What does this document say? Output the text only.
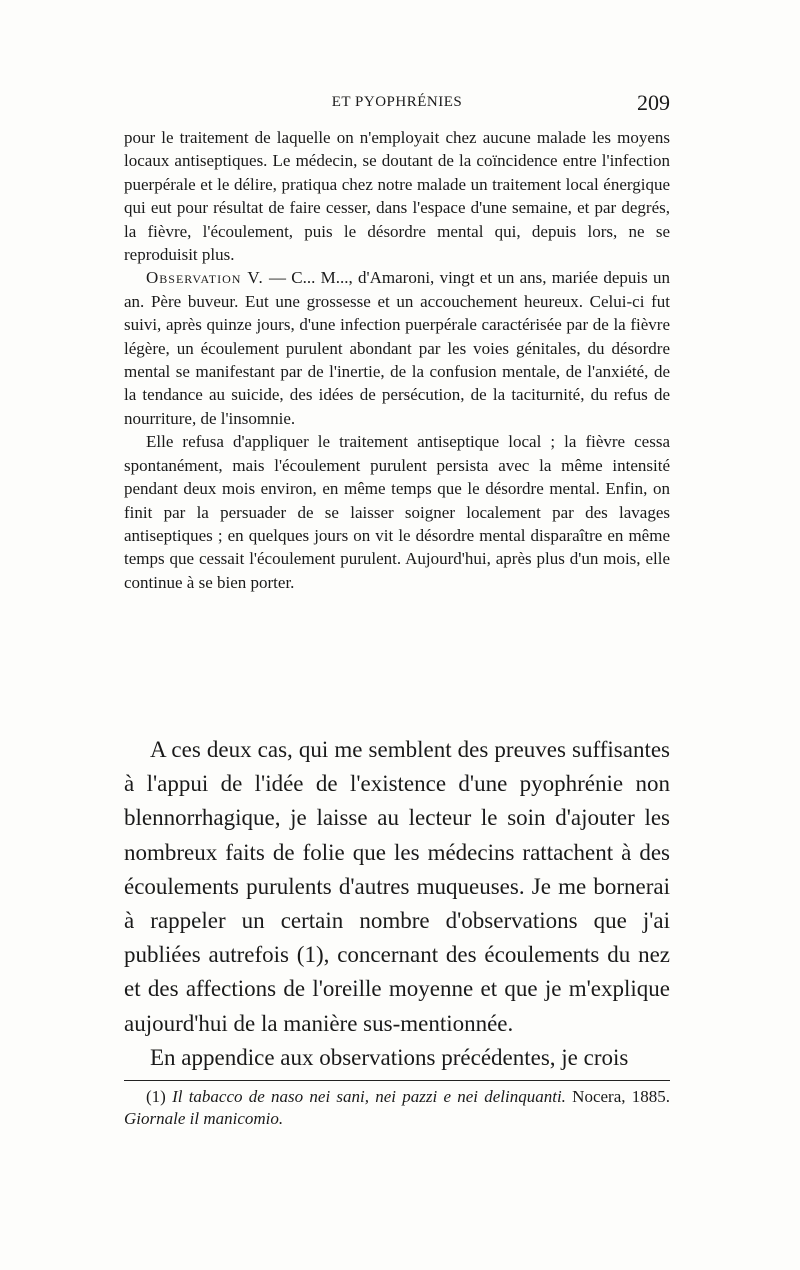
ET PYOPHRÉNIES	209

pour le traitement de laquelle on n'employait chez aucune malade les moyens locaux antiseptiques. Le médecin, se doutant de la coïncidence entre l'infection puerpérale et le délire, pratiqua chez notre malade un traitement local énergique qui eut pour résultat de faire cesser, dans l'espace d'une semaine, et par degrés, la fièvre, l'écoulement, puis le désordre mental qui, depuis lors, ne se reproduisit plus.

Observation V. — C... M..., d'Amaroni, vingt et un ans, mariée depuis un an. Père buveur. Eut une grossesse et un accouchement heureux. Celui-ci fut suivi, après quinze jours, d'une infection puerpérale caractérisée par de la fièvre légère, un écoulement purulent abondant par les voies génitales, du désordre mental se manifestant par de l'inertie, de la confusion mentale, de l'anxiété, de la tendance au suicide, des idées de persécution, de la taciturnité, du refus de nourriture, de l'insomnie.

Elle refusa d'appliquer le traitement antiseptique local ; la fièvre cessa spontanément, mais l'écoulement purulent persista avec la même intensité pendant deux mois environ, en même temps que le désordre mental. Enfin, on finit par la persuader de se laisser soigner localement par des lavages antiseptiques ; en quelques jours on vit le désordre mental disparaître en même temps que cessait l'écoulement purulent. Aujourd'hui, après plus d'un mois, elle continue à se bien porter.

A ces deux cas, qui me semblent des preuves suffisantes à l'appui de l'idée de l'existence d'une pyophrénie non blennorrhagique, je laisse au lecteur le soin d'ajouter les nombreux faits de folie que les médecins rattachent à des écoulements purulents d'autres muqueuses. Je me bornerai à rappeler un certain nombre d'observations que j'ai publiées autrefois (1), concernant des écoulements du nez et des affections de l'oreille moyenne et que je m'explique aujourd'hui de la manière sus-mentionnée.

En appendice aux observations précédentes, je crois

(1) Il tabacco de naso nei sani, nei pazzi e nei delinquanti. Nocera, 1885. Giornale il manicomio.
